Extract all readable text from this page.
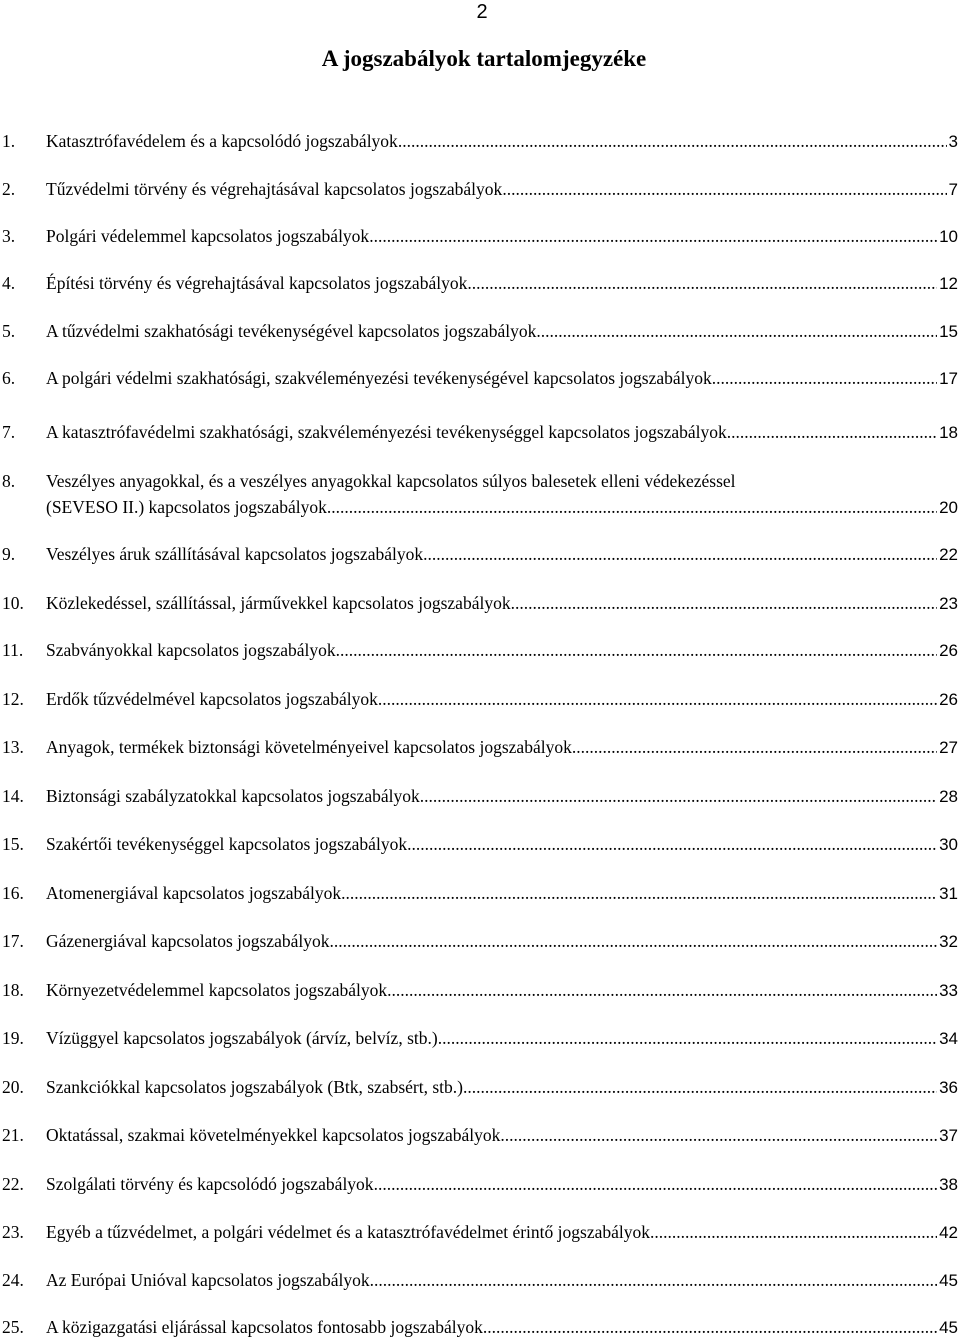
2
A jogszabályok tartalomjegyzéke
1. Katasztrófavédelem és a kapcsolódó jogszabályok .....	3
2. Tűzvédelmi törvény és végrehajtásával kapcsolatos jogszabályok .....	7
3. Polgári védelemmel kapcsolatos jogszabályok .....	10
4. Építési törvény és végrehajtásával kapcsolatos jogszabályok .....	12
5. A tűzvédelmi szakhatósági tevékenységével kapcsolatos jogszabályok .....	15
6. A polgári védelmi szakhatósági, szakvéleményezési tevékenységével kapcsolatos jogszabályok .....	17
7. A katasztrófavédelmi szakhatósági, szakvéleményezési tevékenységgel kapcsolatos jogszabályok .....	18
8. Veszélyes anyagokkal, és a veszélyes anyagokkal kapcsolatos súlyos balesetek elleni védekezéssel
(SEVESO II.) kapcsolatos jogszabályok .....	20
9. Veszélyes áruk szállításával kapcsolatos jogszabályok .....	22
10. Közlekedéssel, szállítással, járművekkel kapcsolatos jogszabályok .....	23
11. Szabványokkal kapcsolatos jogszabályok .....	26
12. Erdők tűzvédelmével kapcsolatos jogszabályok .....	26
13. Anyagok, termékek biztonsági követelményeivel kapcsolatos jogszabályok .....	27
14. Biztonsági szabályzatokkal kapcsolatos jogszabályok .....	28
15. Szakértői tevékenységgel kapcsolatos jogszabályok .....	30
16. Atomenergiával kapcsolatos jogszabályok .....	31
17. Gázenergiával kapcsolatos jogszabályok .....	32
18. Környezetvédelemmel kapcsolatos jogszabályok .....	33
19. Vízüggyel kapcsolatos jogszabályok (árvíz, belvíz, stb.) .....	34
20. Szankciókkal kapcsolatos jogszabályok (Btk, szabsért, stb.) .....	36
21. Oktatással, szakmai követelményekkel kapcsolatos jogszabályok .....	37
22. Szolgálati törvény és kapcsolódó jogszabályok .....	38
23. Egyéb a tűzvédelmet, a polgári védelmet és a katasztrófavédelmet érintő jogszabályok .....	42
24. Az Európai Unióval kapcsolatos jogszabályok .....	45
25. A közigazgatási eljárással kapcsolatos fontosabb jogszabályok .....	45
